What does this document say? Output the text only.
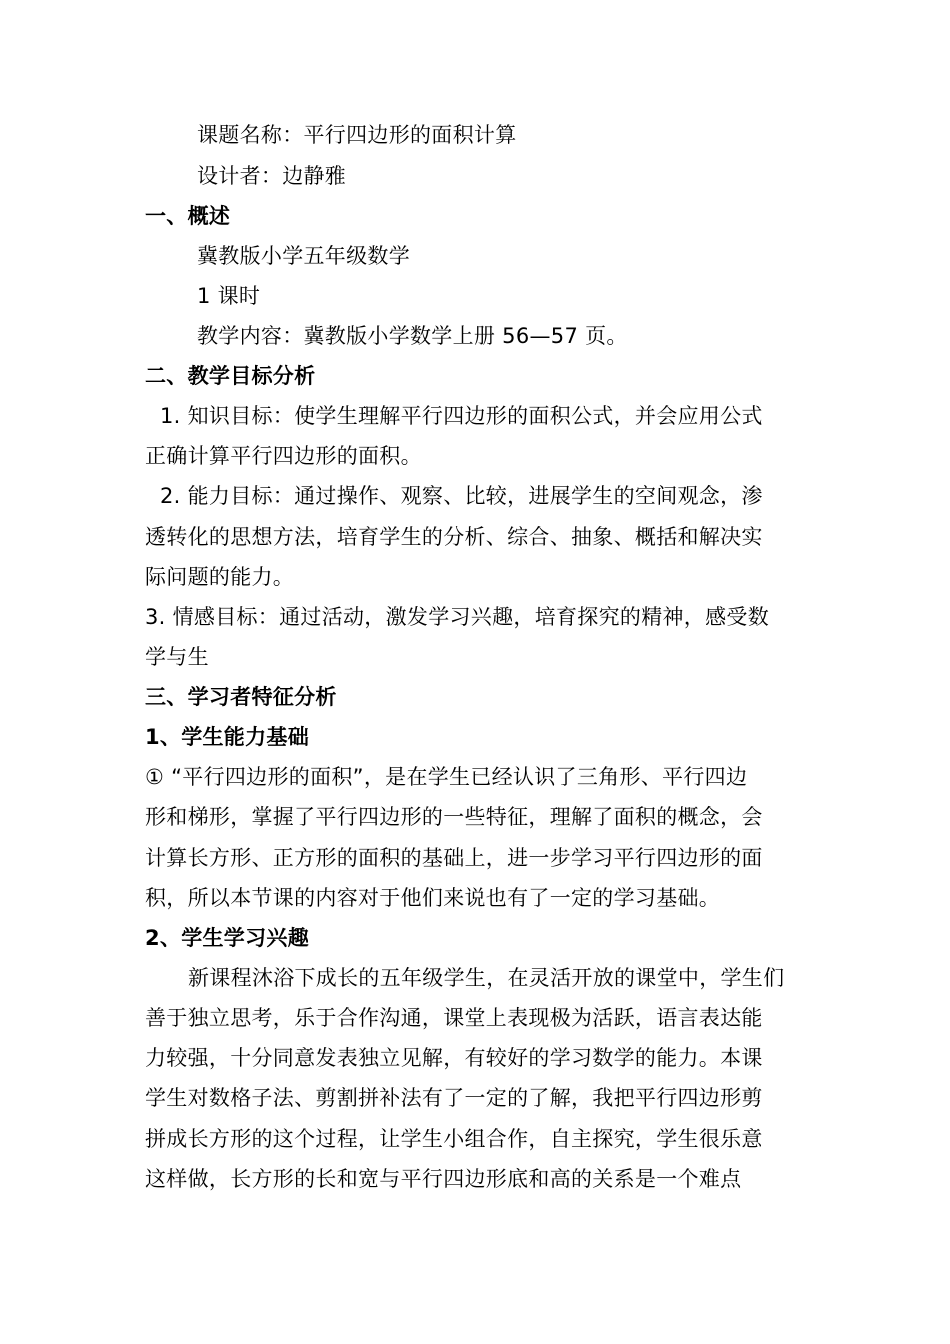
课题名称：平行四边形的面积计算
设计者：边静雅
一、概述
冀教版小学五年级数学
1 课时
教学内容：冀教版小学数学上册 56—57 页。
二、教学目标分析
1. 知识目标：使学生理解平行四边形的面积公式，并会应用公式
正确计算平行四边形的面积。
2. 能力目标：通过操作、观察、比较，进展学生的空间观念，渗
透转化的思想方法，培育学生的分析、综合、抽象、概括和解决实
际问题的能力。
3. 情感目标：通过活动，激发学习兴趣，培育探究的精神，感受数
学与生
三、学习者特征分析
1、学生能力基础
① “平行四边形的面积”，是在学生已经认识了三角形、平行四边
形和梯形，掌握了平行四边形的一些特征，理解了面积的概念，会
计算长方形、正方形的面积的基础上，进一步学习平行四边形的面
积，所以本节课的内容对于他们来说也有了一定的学习基础。
2、学生学习兴趣
新课程沐浴下成长的五年级学生，在灵活开放的课堂中，学生们
善于独立思考，乐于合作沟通，课堂上表现极为活跃，语言表达能
力较强，十分同意发表独立见解，有较好的学习数学的能力。本课
学生对数格子法、剪割拼补法有了一定的了解，我把平行四边形剪
拼成长方形的这个过程，让学生小组合作，自主探究，学生很乐意
这样做，长方形的长和宽与平行四边形底和高的关系是一个难点
